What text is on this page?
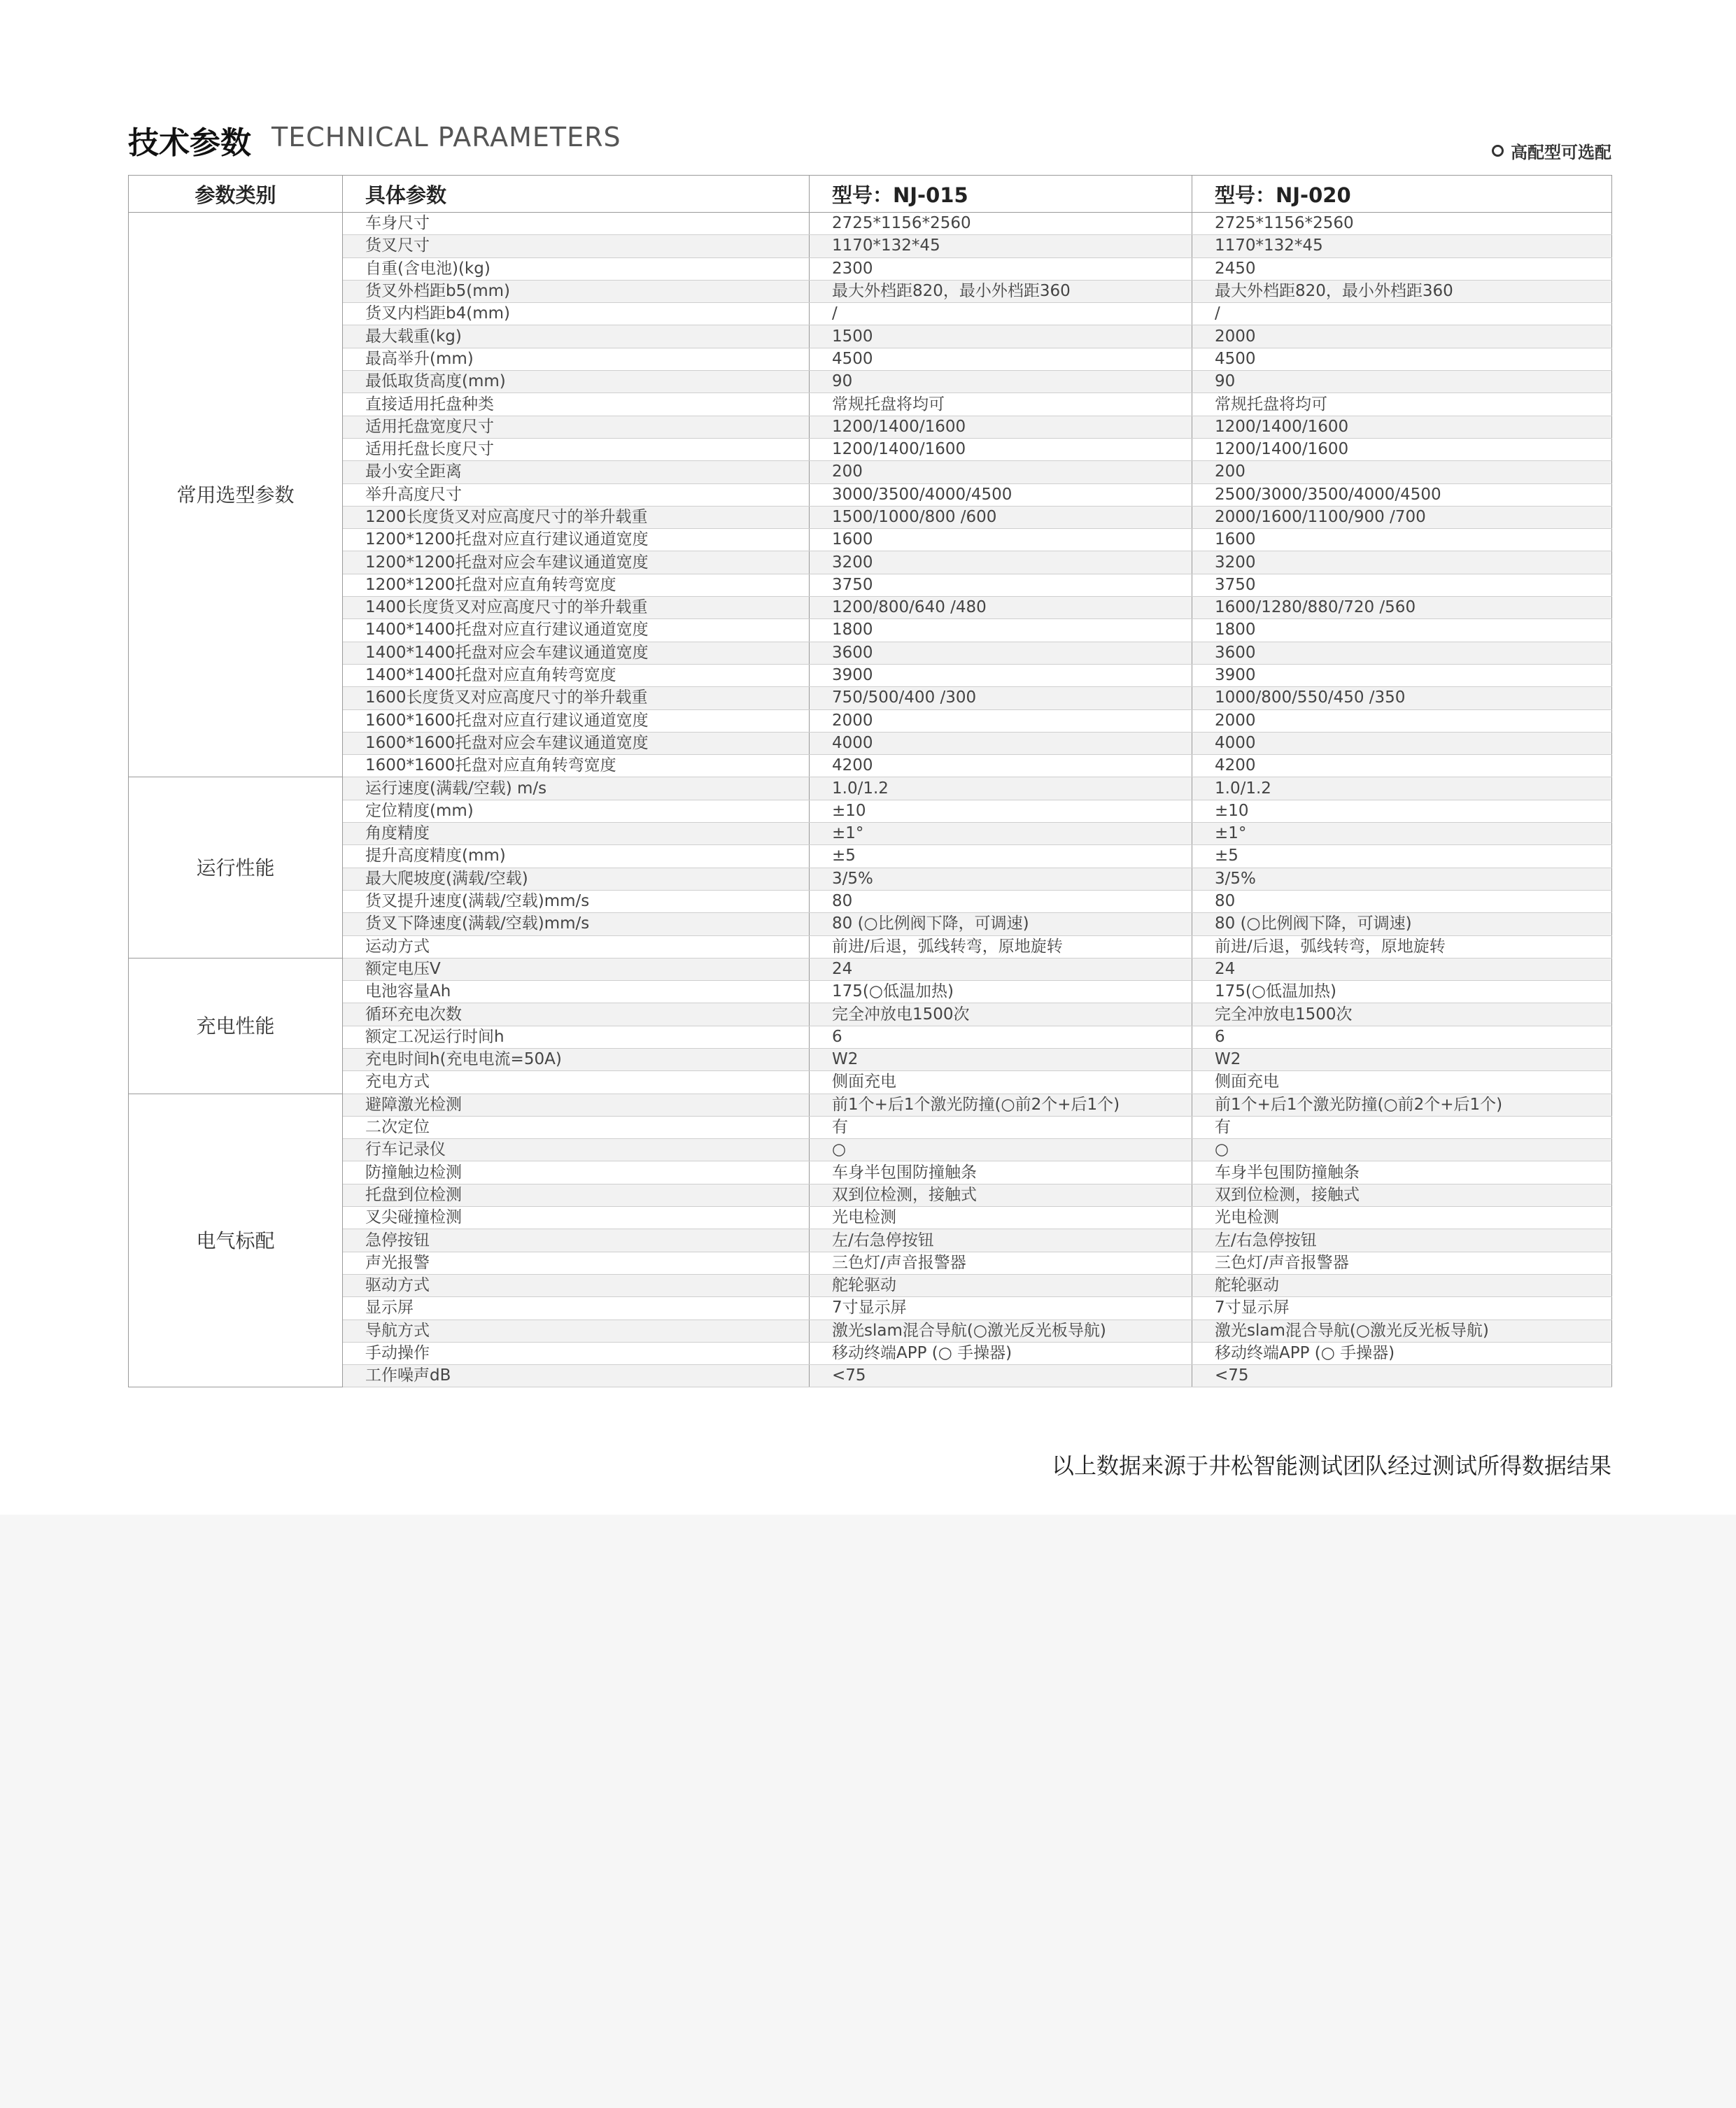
技术参数 TECHNICAL PARAMETERS	高配型可选配
参数类别	具体参数	型号：NJ-015	型号：NJ-020
常用选型参数	车身尺寸	2725*1156*2560	2725*1156*2560
	货叉尺寸	1170*132*45	1170*132*45
	自重(含电池)(kg)	2300	2450
	货叉外档距b5(mm)	最大外档距820，最小外档距360	最大外档距820，最小外档距360
	货叉内档距b4(mm)	/	/
	最大载重(kg)	1500	2000
	最高举升(mm)	4500	4500
	最低取货高度(mm)	90	90
	直接适用托盘种类	常规托盘将均可	常规托盘将均可
	适用托盘宽度尺寸	1200/1400/1600	1200/1400/1600
	适用托盘长度尺寸	1200/1400/1600	1200/1400/1600
	最小安全距离	200	200
	举升高度尺寸	3000/3500/4000/4500	2500/3000/3500/4000/4500
	1200长度货叉对应高度尺寸的举升载重	1500/1000/800 /600	2000/1600/1100/900 /700
	1200*1200托盘对应直行建议通道宽度	1600	1600
	1200*1200托盘对应会车建议通道宽度	3200	3200
	1200*1200托盘对应直角转弯宽度	3750	3750
	1400长度货叉对应高度尺寸的举升载重	1200/800/640 /480	1600/1280/880/720 /560
	1400*1400托盘对应直行建议通道宽度	1800	1800
	1400*1400托盘对应会车建议通道宽度	3600	3600
	1400*1400托盘对应直角转弯宽度	3900	3900
	1600长度货叉对应高度尺寸的举升载重	750/500/400 /300	1000/800/550/450 /350
	1600*1600托盘对应直行建议通道宽度	2000	2000
	1600*1600托盘对应会车建议通道宽度	4000	4000
	1600*1600托盘对应直角转弯宽度	4200	4200
运行性能	运行速度(满载/空载) m/s	1.0/1.2	1.0/1.2
	定位精度(mm)	±10	±10
	角度精度	±1°	±1°
	提升高度精度(mm)	±5	±5
	最大爬坡度(满载/空载)	3/5%	3/5%
	货叉提升速度(满载/空载)mm/s	80	80
	货叉下降速度(满载/空载)mm/s	80 (○比例阀下降，可调速)	80 (○比例阀下降，可调速)
	运动方式	前进/后退，弧线转弯，原地旋转	前进/后退，弧线转弯，原地旋转
充电性能	额定电压V	24	24
	电池容量Ah	175(○低温加热)	175(○低温加热)
	循环充电次数	完全冲放电1500次	完全冲放电1500次
	额定工况运行时间h	6	6
	充电时间h(充电电流=50A)	W2	W2
	充电方式	侧面充电	侧面充电
电气标配	避障激光检测	前1个+后1个激光防撞(○前2个+后1个)	前1个+后1个激光防撞(○前2个+后1个)
	二次定位	有	有
	行车记录仪	○	○
	防撞触边检测	车身半包围防撞触条	车身半包围防撞触条
	托盘到位检测	双到位检测，接触式	双到位检测，接触式
	叉尖碰撞检测	光电检测	光电检测
	急停按钮	左/右急停按钮	左/右急停按钮
	声光报警	三色灯/声音报警器	三色灯/声音报警器
	驱动方式	舵轮驱动	舵轮驱动
	显示屏	7寸显示屏	7寸显示屏
	导航方式	激光slam混合导航(○激光反光板导航)	激光slam混合导航(○激光反光板导航)
	手动操作	移动终端APP (○ 手操器)	移动终端APP (○ 手操器)
	工作噪声dB	<75	<75
以上数据来源于井松智能测试团队经过测试所得数据结果
